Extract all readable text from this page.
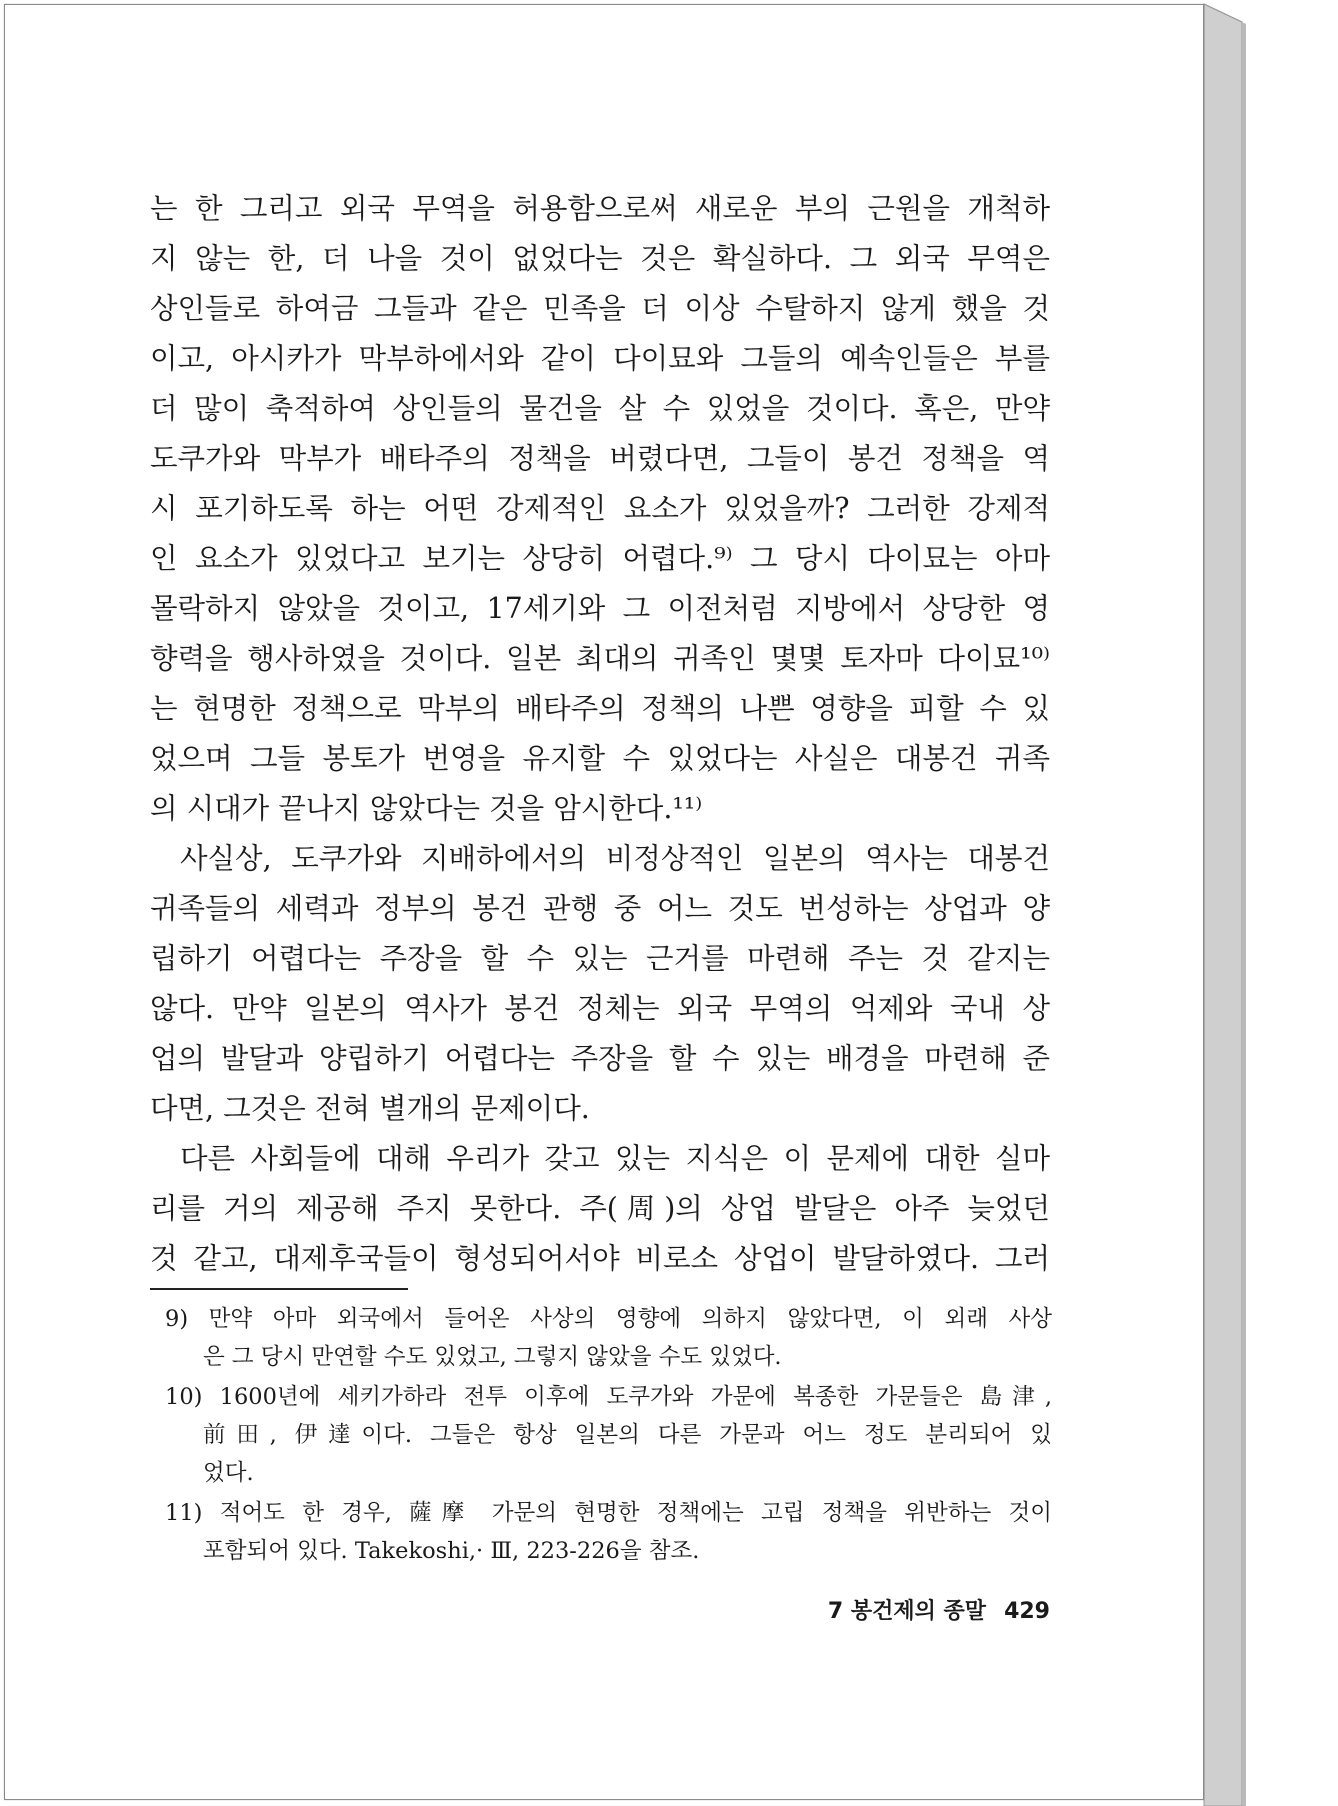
는 한 그리고 외국 무역을 허용함으로써 새로운 부의 근원을 개척하
지 않는 한, 더 나을 것이 없었다는 것은 확실하다. 그 외국 무역은
상인들로 하여금 그들과 같은 민족을 더 이상 수탈하지 않게 했을 것
이고, 아시카가 막부하에서와 같이 다이묘와 그들의 예속인들은 부를
더 많이 축적하여 상인들의 물건을 살 수 있었을 것이다. 혹은, 만약
도쿠가와 막부가 배타주의 정책을 버렸다면, 그들이 봉건 정책을 역
시 포기하도록 하는 어떤 강제적인 요소가 있었을까? 그러한 강제적
인 요소가 있었다고 보기는 상당히 어렵다.⁹⁾ 그 당시 다이묘는 아마
몰락하지 않았을 것이고, 17세기와 그 이전처럼 지방에서 상당한 영
향력을 행사하였을 것이다. 일본 최대의 귀족인 몇몇 토자마 다이묘¹⁰⁾
는 현명한 정책으로 막부의 배타주의 정책의 나쁜 영향을 피할 수 있
었으며 그들 봉토가 번영을 유지할 수 있었다는 사실은 대봉건 귀족
의 시대가 끝나지 않았다는 것을 암시한다.¹¹⁾
사실상, 도쿠가와 지배하에서의 비정상적인 일본의 역사는 대봉건
귀족들의 세력과 정부의 봉건 관행 중 어느 것도 번성하는 상업과 양
립하기 어렵다는 주장을 할 수 있는 근거를 마련해 주는 것 같지는
않다. 만약 일본의 역사가 봉건 정체는 외국 무역의 억제와 국내 상
업의 발달과 양립하기 어렵다는 주장을 할 수 있는 배경을 마련해 준
다면, 그것은 전혀 별개의 문제이다.
다른 사회들에 대해 우리가 갖고 있는 지식은 이 문제에 대한 실마
리를 거의 제공해 주지 못한다. 주(周)의 상업 발달은 아주 늦었던
것 같고, 대제후국들이 형성되어서야 비로소 상업이 발달하였다. 그러
9) 만약 아마 외국에서 들어온 사상의 영향에 의하지 않았다면, 이 외래 사상
은 그 당시 만연할 수도 있었고, 그렇지 않았을 수도 있었다.
10) 1600년에 세키가하라 전투 이후에 도쿠가와 가문에 복종한 가문들은 島津,
前田, 伊達이다. 그들은 항상 일본의 다른 가문과 어느 정도 분리되어 있
었다.
11) 적어도 한 경우, 薩摩 가문의 현명한 정책에는 고립 정책을 위반하는 것이
포함되어 있다. Takekoshi,· Ⅲ, 223-226을 참조.
7 봉건제의 종말 429
